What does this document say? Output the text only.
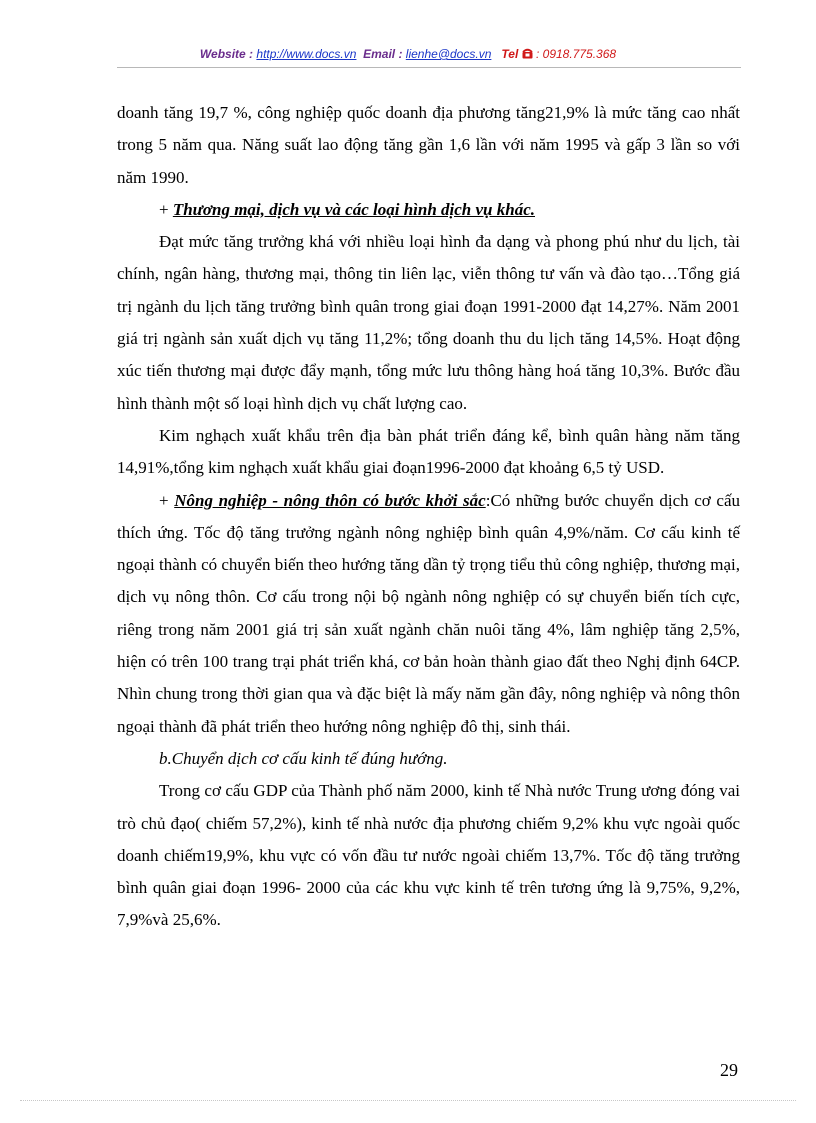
Website : http://www.docs.vn Email : lienhe@docs.vn Tel  : 0918.775.368

doanh tăng 19,7 %, công nghiệp quốc doanh địa phương tăng21,9% là mức tăng cao nhất trong 5 năm qua. Năng suất lao động tăng gần 1,6 lần với năm 1995 và gấp 3 lần so với năm 1990.

+ Thương mại, dịch vụ và các loại hình dịch vụ khác.

Đạt mức tăng trưởng khá với nhiều loại hình đa dạng và phong phú như du lịch, tài chính, ngân hàng, thương mại, thông tin liên lạc, viễn thông tư vấn và đào tạo…Tổng giá trị ngành du lịch tăng trưởng bình quân trong giai đoạn 1991-2000 đạt 14,27%. Năm 2001 giá trị ngành sản xuất dịch vụ tăng 11,2%; tổng doanh thu du lịch tăng 14,5%. Hoạt động xúc tiến thương mại được đẩy mạnh, tổng mức lưu thông hàng hoá tăng 10,3%. Bước đầu hình thành một số loại hình dịch vụ chất lượng cao.

Kim nghạch xuất khẩu trên địa bàn phát triển đáng kể, bình quân hàng năm tăng 14,91%,tổng kim nghạch xuất khẩu giai đoạn1996-2000 đạt khoảng 6,5 tỷ USD.

+ Nông nghiệp - nông thôn có bước khởi sắc:Có những bước chuyển dịch cơ cấu thích ứng. Tốc độ tăng trưởng ngành nông nghiệp bình quân 4,9%/năm. Cơ cấu kinh tế ngoại thành có chuyển biến theo hướng tăng dần tỷ trọng tiểu thủ công nghiệp, thương mại, dịch vụ nông thôn. Cơ cấu trong nội bộ ngành nông nghiệp có sự chuyển biến tích cực, riêng trong năm 2001 giá trị sản xuất ngành chăn nuôi tăng 4%, lâm nghiệp tăng 2,5%, hiện có trên 100 trang trại phát triển khá, cơ bản hoàn thành giao đất theo Nghị định 64CP. Nhìn chung trong thời gian qua và đặc biệt là mấy năm gần đây, nông nghiệp và nông thôn ngoại thành đã phát triển theo hướng nông nghiệp đô thị, sinh thái.

b.Chuyển dịch cơ cấu kinh tế đúng hướng.

Trong cơ cấu GDP của Thành phố năm 2000, kinh tế Nhà nước Trung ương đóng vai trò chủ đạo( chiếm 57,2%), kinh tế nhà nước địa phương chiếm 9,2% khu vực ngoài quốc doanh chiếm19,9%, khu vực có vốn đầu tư nước ngoài chiếm 13,7%. Tốc độ tăng trưởng bình quân giai đoạn 1996- 2000 của các khu vực kinh tế trên tương ứng là 9,75%, 9,2%, 7,9%và 25,6%.

29
